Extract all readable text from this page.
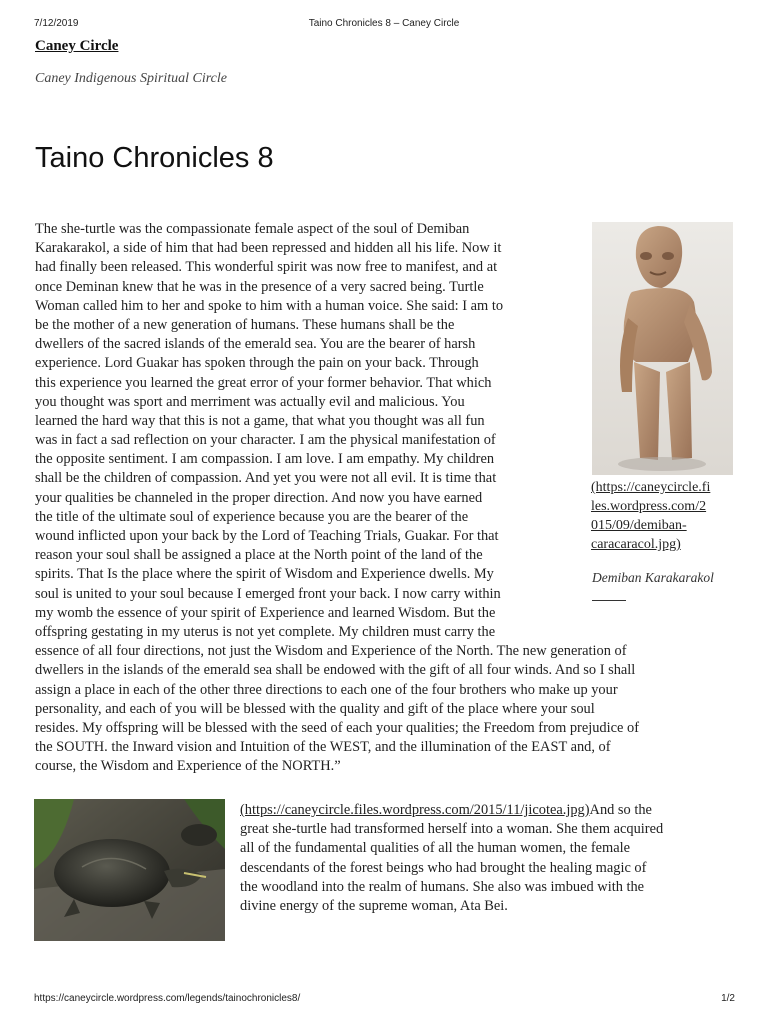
7/12/2019	Taino Chronicles 8 – Caney Circle
Caney Circle
Caney Indigenous Spiritual Circle
Taino Chronicles 8
The she-turtle was the compassionate female aspect of the soul of Demiban
Karakarakol, a side of him that had been repressed and hidden all his life. Now it
had finally been released. This wonderful spirit was now free to manifest, and at
once Deminan knew that he was in the presence of a very sacred being. Turtle
Woman called him to her and spoke to him with a human voice. She said: I am to
be the mother of a new generation of humans. These humans shall be the
dwellers of the sacred islands of the emerald sea. You are the bearer of harsh
experience. Lord Guakar has spoken through the pain on your back. Through
this experience you learned the great error of your former behavior. That which
you thought was sport and merriment was actually evil and malicious. You
learned the hard way that this is not a game, that what you thought was all fun
was in fact a sad reflection on your character. I am the physical manifestation of
the opposite sentiment. I am compassion. I am love. I am empathy. My children
shall be the children of compassion. And yet you were not all evil. It is time that
your qualities be channeled in the proper direction. And now you have earned
the title of the ultimate soul of experience because you are the bearer of the
wound inflicted upon your back by the Lord of Teaching Trials, Guakar. For that
reason your soul shall be assigned a place at the North point of the land of the
spirits. That Is the place where the spirit of Wisdom and Experience dwells. My
soul is united to your soul because I emerged front your back. I now carry within
my womb the essence of your spirit of Experience and learned Wisdom. But the
offspring gestating in my uterus is not yet complete. My children must carry the
essence of all four directions, not just the Wisdom and Experience of the North. The new generation of
dwellers in the islands of the emerald sea shall be endowed with the gift of all four winds. And so I shall
assign a place in each of the other three directions to each one of the four brothers who make up your
personality, and each of you will be blessed with the quality and gift of the place where your soul
resides. My offspring will be blessed with the seed of each your qualities; the Freedom from prejudice of
the SOUTH. the Inward vision and Intuition of the WEST, and the illumination of the EAST and, of
course, the Wisdom and Experience of the NORTH.”
(https://caneycircle.fi
les.wordpress.com/2
015/09/demiban-
caracaracol.jpg)
Demiban Karakarakol
(https://caneycircle.files.wordpress.com/2015/11/jicotea.jpg)And so the
great she-turtle had transformed herself into a woman. She them acquired
all of the fundamental qualities of all the human women, the female
descendants of the forest beings who had brought the healing magic of
the woodland into the realm of humans. She also was imbued with the
divine energy of the supreme woman, Ata Bei.
https://caneycircle.wordpress.com/legends/tainochronicles8/	1/2
